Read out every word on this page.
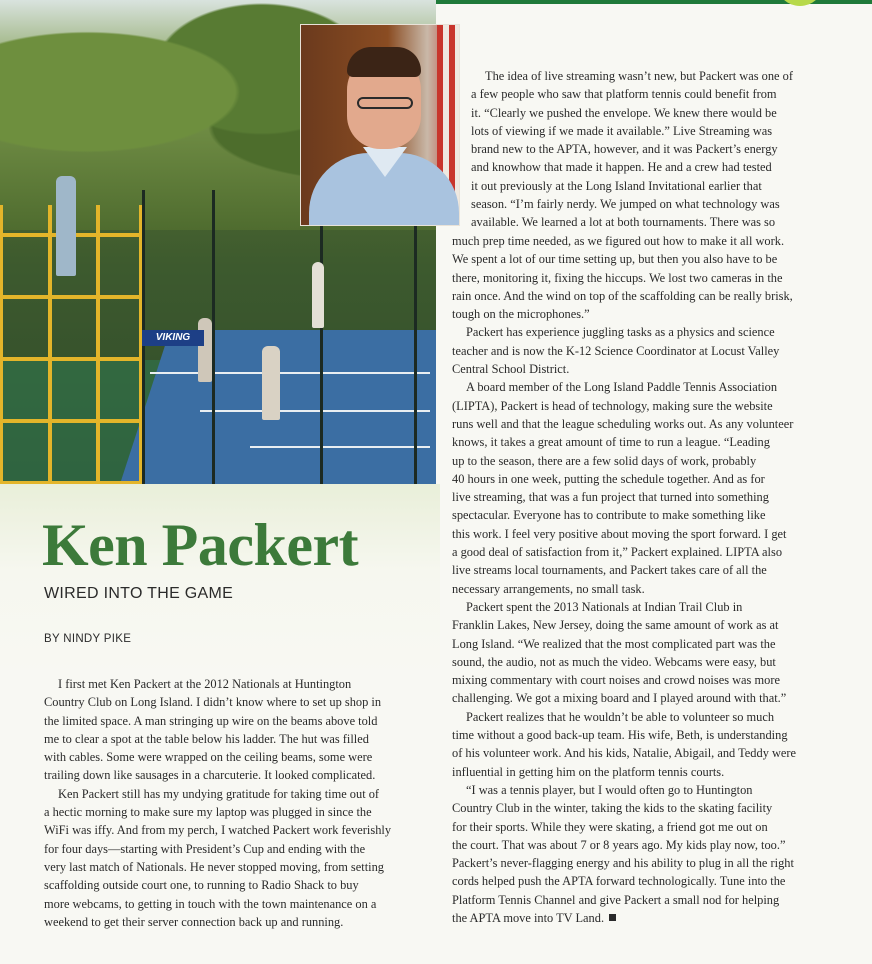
VIKING
Ken Packert

WIRED INTO THE GAME

BY NINDY PIKE

I first met Ken Packert at the 2012 Nationals at Huntington
Country Club on Long Island. I didn’t know where to set up shop in
the limited space. A man stringing up wire on the beams above told
me to clear a spot at the table below his ladder. The hut was filled
with cables. Some were wrapped on the ceiling beams, some were
trailing down like sausages in a charcuterie. It looked complicated.
Ken Packert still has my undying gratitude for taking time out of
a hectic morning to make sure my laptop was plugged in since the
WiFi was iffy. And from my perch, I watched Packert work feverishly
for four days—starting with President’s Cup and ending with the
very last match of Nationals. He never stopped moving, from setting
scaffolding outside court one, to running to Radio Shack to buy
more webcams, to getting in touch with the town maintenance on a
weekend to get their server connection back up and running.
The idea of live streaming wasn’t new, but Packert was one of
a few people who saw that platform tennis could benefit from
it. “Clearly we pushed the envelope. We knew there would be
lots of viewing if we made it available.” Live Streaming was
brand new to the APTA, however, and it was Packert’s energy
and knowhow that made it happen. He and a crew had tested
it out previously at the Long Island Invitational earlier that
season. “I’m fairly nerdy. We jumped on what technology was
available. We learned a lot at both tournaments. There was so
much prep time needed, as we figured out how to make it all work.
We spent a lot of our time setting up, but then you also have to be
there, monitoring it, fixing the hiccups. We lost two cameras in the
rain once. And the wind on top of the scaffolding can be really brisk,
tough on the microphones.”
Packert has experience juggling tasks as a physics and science
teacher and is now the K-12 Science Coordinator at Locust Valley
Central School District.
A board member of the Long Island Paddle Tennis Association
(LIPTA), Packert is head of technology, making sure the website
runs well and that the league scheduling works out. As any volunteer
knows, it takes a great amount of time to run a league. “Leading
up to the season, there are a few solid days of work, probably
40 hours in one week, putting the schedule together. And as for
live streaming, that was a fun project that turned into something
spectacular. Everyone has to contribute to make something like
this work. I feel very positive about moving the sport forward. I get
a good deal of satisfaction from it,” Packert explained. LIPTA also
live streams local tournaments, and Packert takes care of all the
necessary arrangements, no small task.
Packert spent the 2013 Nationals at Indian Trail Club in
Franklin Lakes, New Jersey, doing the same amount of work as at
Long Island. “We realized that the most complicated part was the
sound, the audio, not as much the video. Webcams were easy, but
mixing commentary with court noises and crowd noises was more
challenging. We got a mixing board and I played around with that.”
Packert realizes that he wouldn’t be able to volunteer so much
time without a good back-up team. His wife, Beth, is understanding
of his volunteer work. And his kids, Natalie, Abigail, and Teddy were
influential in getting him on the platform tennis courts.
“I was a tennis player, but I would often go to Huntington
Country Club in the winter, taking the kids to the skating facility
for their sports. While they were skating, a friend got me out on
the court. That was about 7 or 8 years ago. My kids play now, too.”
Packert’s never-flagging energy and his ability to plug in all the right
cords helped push the APTA forward technologically. Tune into the
Platform Tennis Channel and give Packert a small nod for helping
the APTA move into TV Land.
